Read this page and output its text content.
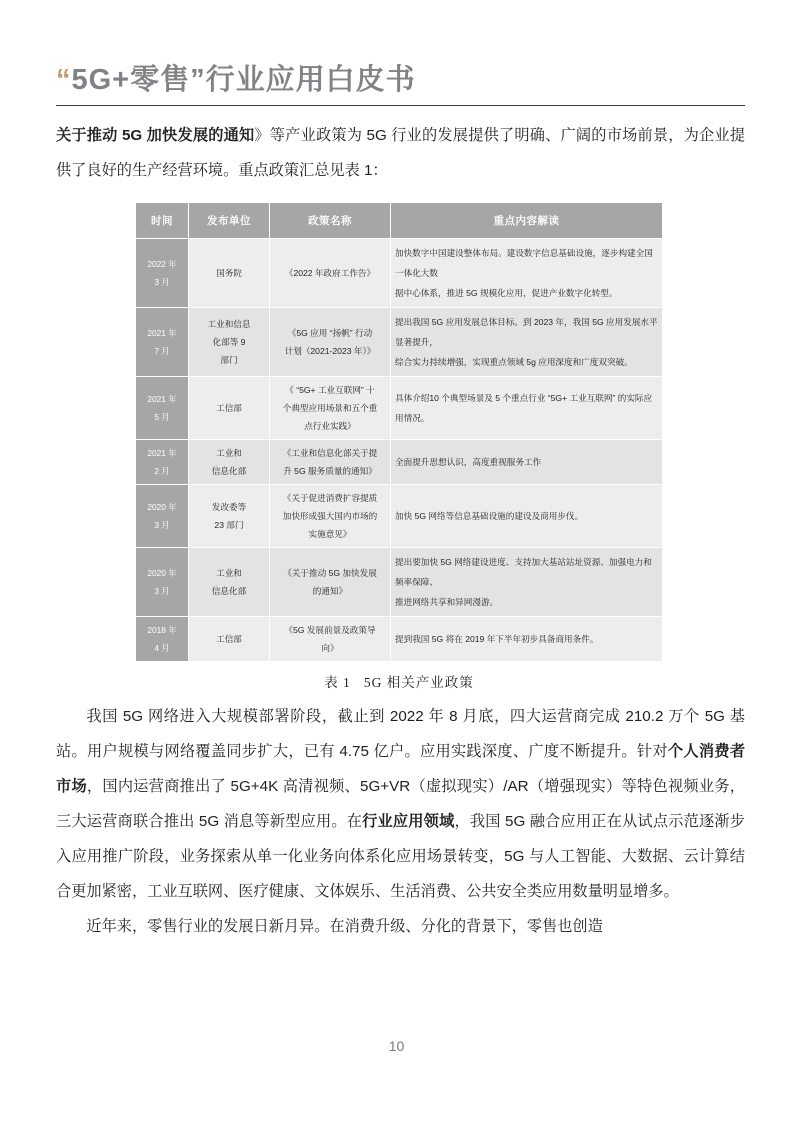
“5G+零售”行业应用白皮书

关于推动 5G 加快发展的通知》等产业政策为 5G 行业的发展提供了明确、广阔的市场前景，为企业提供了良好的生产经营环境。重点政策汇总见表 1：

时间	发布单位	政策名称	重点内容解读

2022 年
3 月	国务院	《2022 年政府工作告》	加快数字中国建设整体布局。建设数字信息基础设施，逐步构建全国一体化大数
据中心体系，推进 5G 规模化应用，促进产业数字化转型。

2021 年
7 月	工业和信息
化部等 9
部门	《5G 应用 “扬帆” 行动
计划（2021-2023 年）》	提出我国 5G 应用发展总体目标。到 2023 年，我国 5G 应用发展水平显著提升，
综合实力持续增强，实现重点领域 5g 应用深度和广度双突破。

2021 年
5 月	工信部	《 “5G+ 工业互联网” 十
个典型应用场景和五个重
点行业实践》	具体介绍10 个典型场景及 5 个重点行业 “5G+ 工业互联网” 的实际应用情况。

2021 年
2 月	工业和
信息化部	《工业和信息化部关于提
升 5G 服务质量的通知》	全面提升思想认识，高度重视服务工作

2020 年
3 月	发改委等
23 部门	《关于促进消费扩容提质
加快形成强大国内市场的
实施意见》	加快 5G 网络等信息基础设施的建设及商用步伐。

2020 年
3 月	工业和
信息化部	《关于推动 5G 加快发展
的通知》	提出要加快 5G 网络建设进度、支持加大基站站址资源、加强电力和频率保障、
推进网络共享和异网漫游。

2018 年
4 月	工信部	《5G 发展前景及政策导
向》	提到我国 5G 将在 2019 年下半年初步具备商用条件。
表 1   5G 相关产业政策

我国 5G 网络进入大规模部署阶段，截止到 2022 年 8 月底，四大运营商完成 210.2 万个 5G 基站。用户规模与网络覆盖同步扩大，已有 4.75 亿户。应用实践深度、广度不断提升。针对个人消费者市场，国内运营商推出了 5G+4K 高清视频、5G+VR（虚拟现实）/AR（增强现实）等特色视频业务，三大运营商联合推出 5G 消息等新型应用。在行业应用领域，我国 5G 融合应用正在从试点示范逐渐步入应用推广阶段，业务探索从单一化业务向体系化应用场景转变，5G 与人工智能、大数据、云计算结合更加紧密，工业互联网、医疗健康、文体娱乐、生活消费、公共安全类应用数量明显增多。

近年来，零售行业的发展日新月异。在消费升级、分化的背景下，零售也创造

10
